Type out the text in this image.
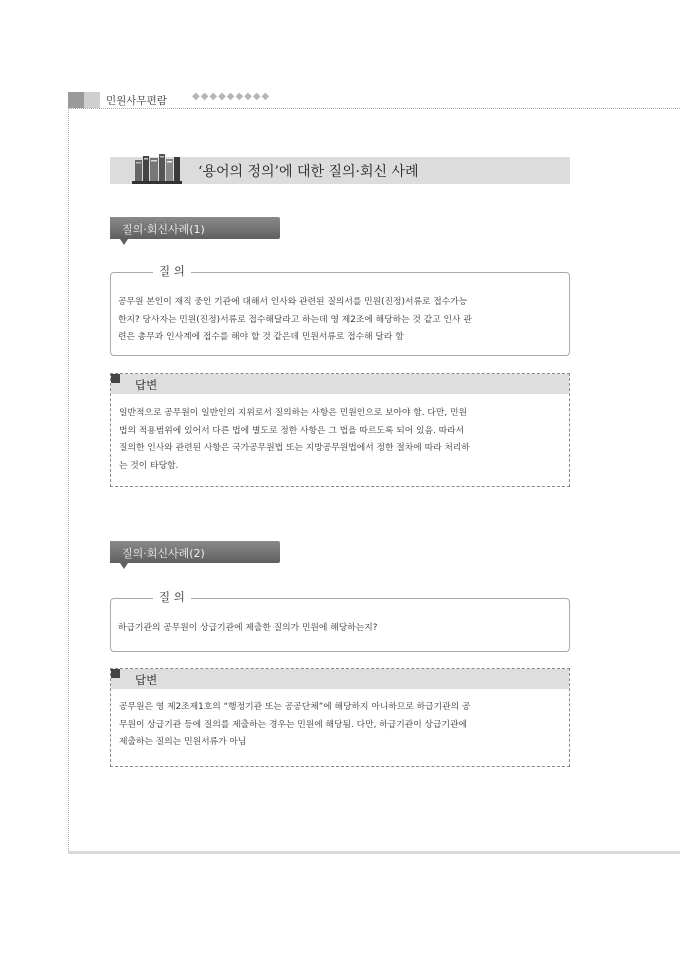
민원사무편람	◆◆◆◆◆◆◆◆◆
‘용어의 정의’에 대한 질의·회신 사례
질의·회신사례(1)
질 의
공무원 본인이 재직 중인 기관에 대해서 인사와 관련된 질의서를 민원(진정)서류로 접수가능
한지? 당사자는 민원(진정)서류로 접수해달라고 하는데 영 제2조에 해당하는 것 같고 인사 관
련은 총무과 인사계에 접수를 해야 할 것 같은데 민원서류로 접수해 달라 함
답변
일반적으로 공무원이 일반인의 지위로서 질의하는 사항은 민원인으로 보아야 함. 다만, 민원
법의 적용범위에 있어서 다른 법에 별도로 정한 사항은 그 법을 따르도록 되어 있음. 따라서
질의한 인사와 관련된 사항은 국가공무원법 또는 지방공무원법에서 정한 절차에 따라 처리하
는 것이 타당함.
질의·회신사례(2)
질 의
하급기관의 공무원이 상급기관에 제출한 질의가 민원에 해당하는지?
답변
공무원은 영 제2조제1호의 “행정기관 또는 공공단체”에 해당하지 아니하므로 하급기관의 공
무원이 상급기관 등에 질의를 제출하는 경우는 민원에 해당됨. 다만, 하급기관이 상급기관에
제출하는 질의는 민원서류가 아님
